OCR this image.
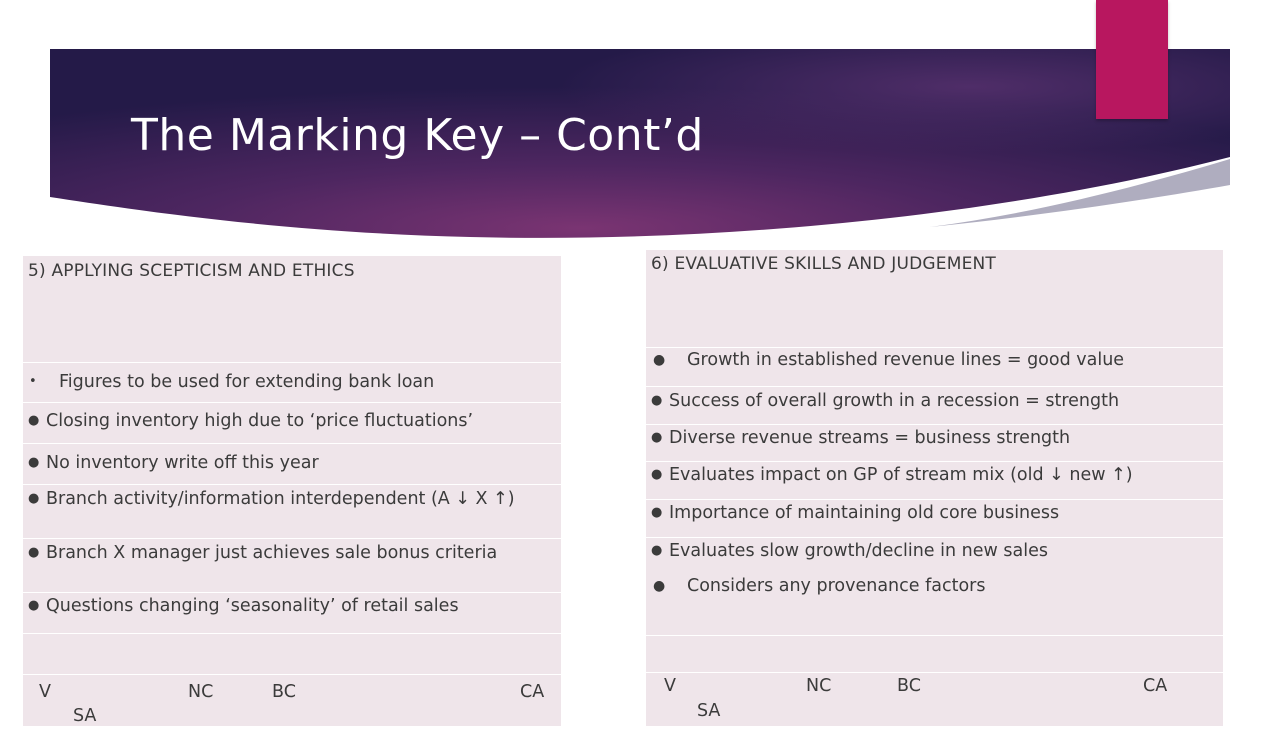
The Marking Key – Cont’d
5) APPLYING SCEPTICISM AND ETHICS
•	Figures to be used for extending bank loan
● Closing inventory high due to ‘price fluctuations’
● No inventory write off this year
● Branch activity/information interdependent (A ↓ X ↑)
● Branch X manager just achieves sale bonus criteria
● Questions changing ‘seasonality’ of retail sales
V	NC	BC	CA
SA
6) EVALUATIVE SKILLS AND JUDGEMENT
●	Growth in established revenue lines = good value
● Success of overall growth in a recession = strength
● Diverse revenue streams = business strength
● Evaluates impact on GP of stream mix (old ↓ new ↑)
● Importance of maintaining old core business
● Evaluates slow growth/decline in new sales
●	Considers any provenance factors
V	NC	BC	CA
SA
